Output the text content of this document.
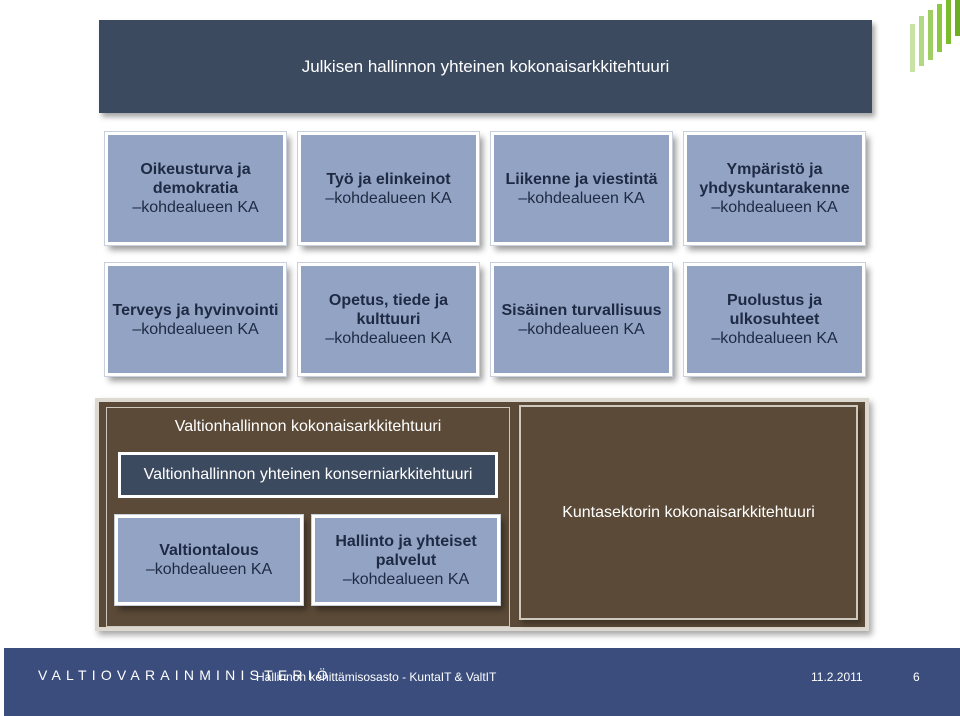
Julkisen hallinnon yhteinen kokonaisarkkitehtuuri
Oikeusturva ja
demokratia
–kohdealueen KA
Työ ja elinkeinot
–kohdealueen KA
Liikenne ja viestintä
–kohdealueen KA
Ympäristö ja
yhdyskuntarakenne
–kohdealueen KA
Terveys ja hyvinvointi
–kohdealueen KA
Opetus, tiede ja
kulttuuri
–kohdealueen KA
Sisäinen turvallisuus
–kohdealueen KA
Puolustus ja
ulkosuhteet
–kohdealueen KA
Valtionhallinnon kokonaisarkkitehtuuri
Valtionhallinnon yhteinen konserniarkkitehtuuri
Valtiontalous
–kohdealueen KA
Hallinto ja yhteiset
palvelut
–kohdealueen KA
Kuntasektorin kokonaisarkkitehtuuri
VALTIOVARAINMINISTERIÖ
Hallinnon kehittämisosasto - KuntaIT & ValtIT	11.2.2011	6
